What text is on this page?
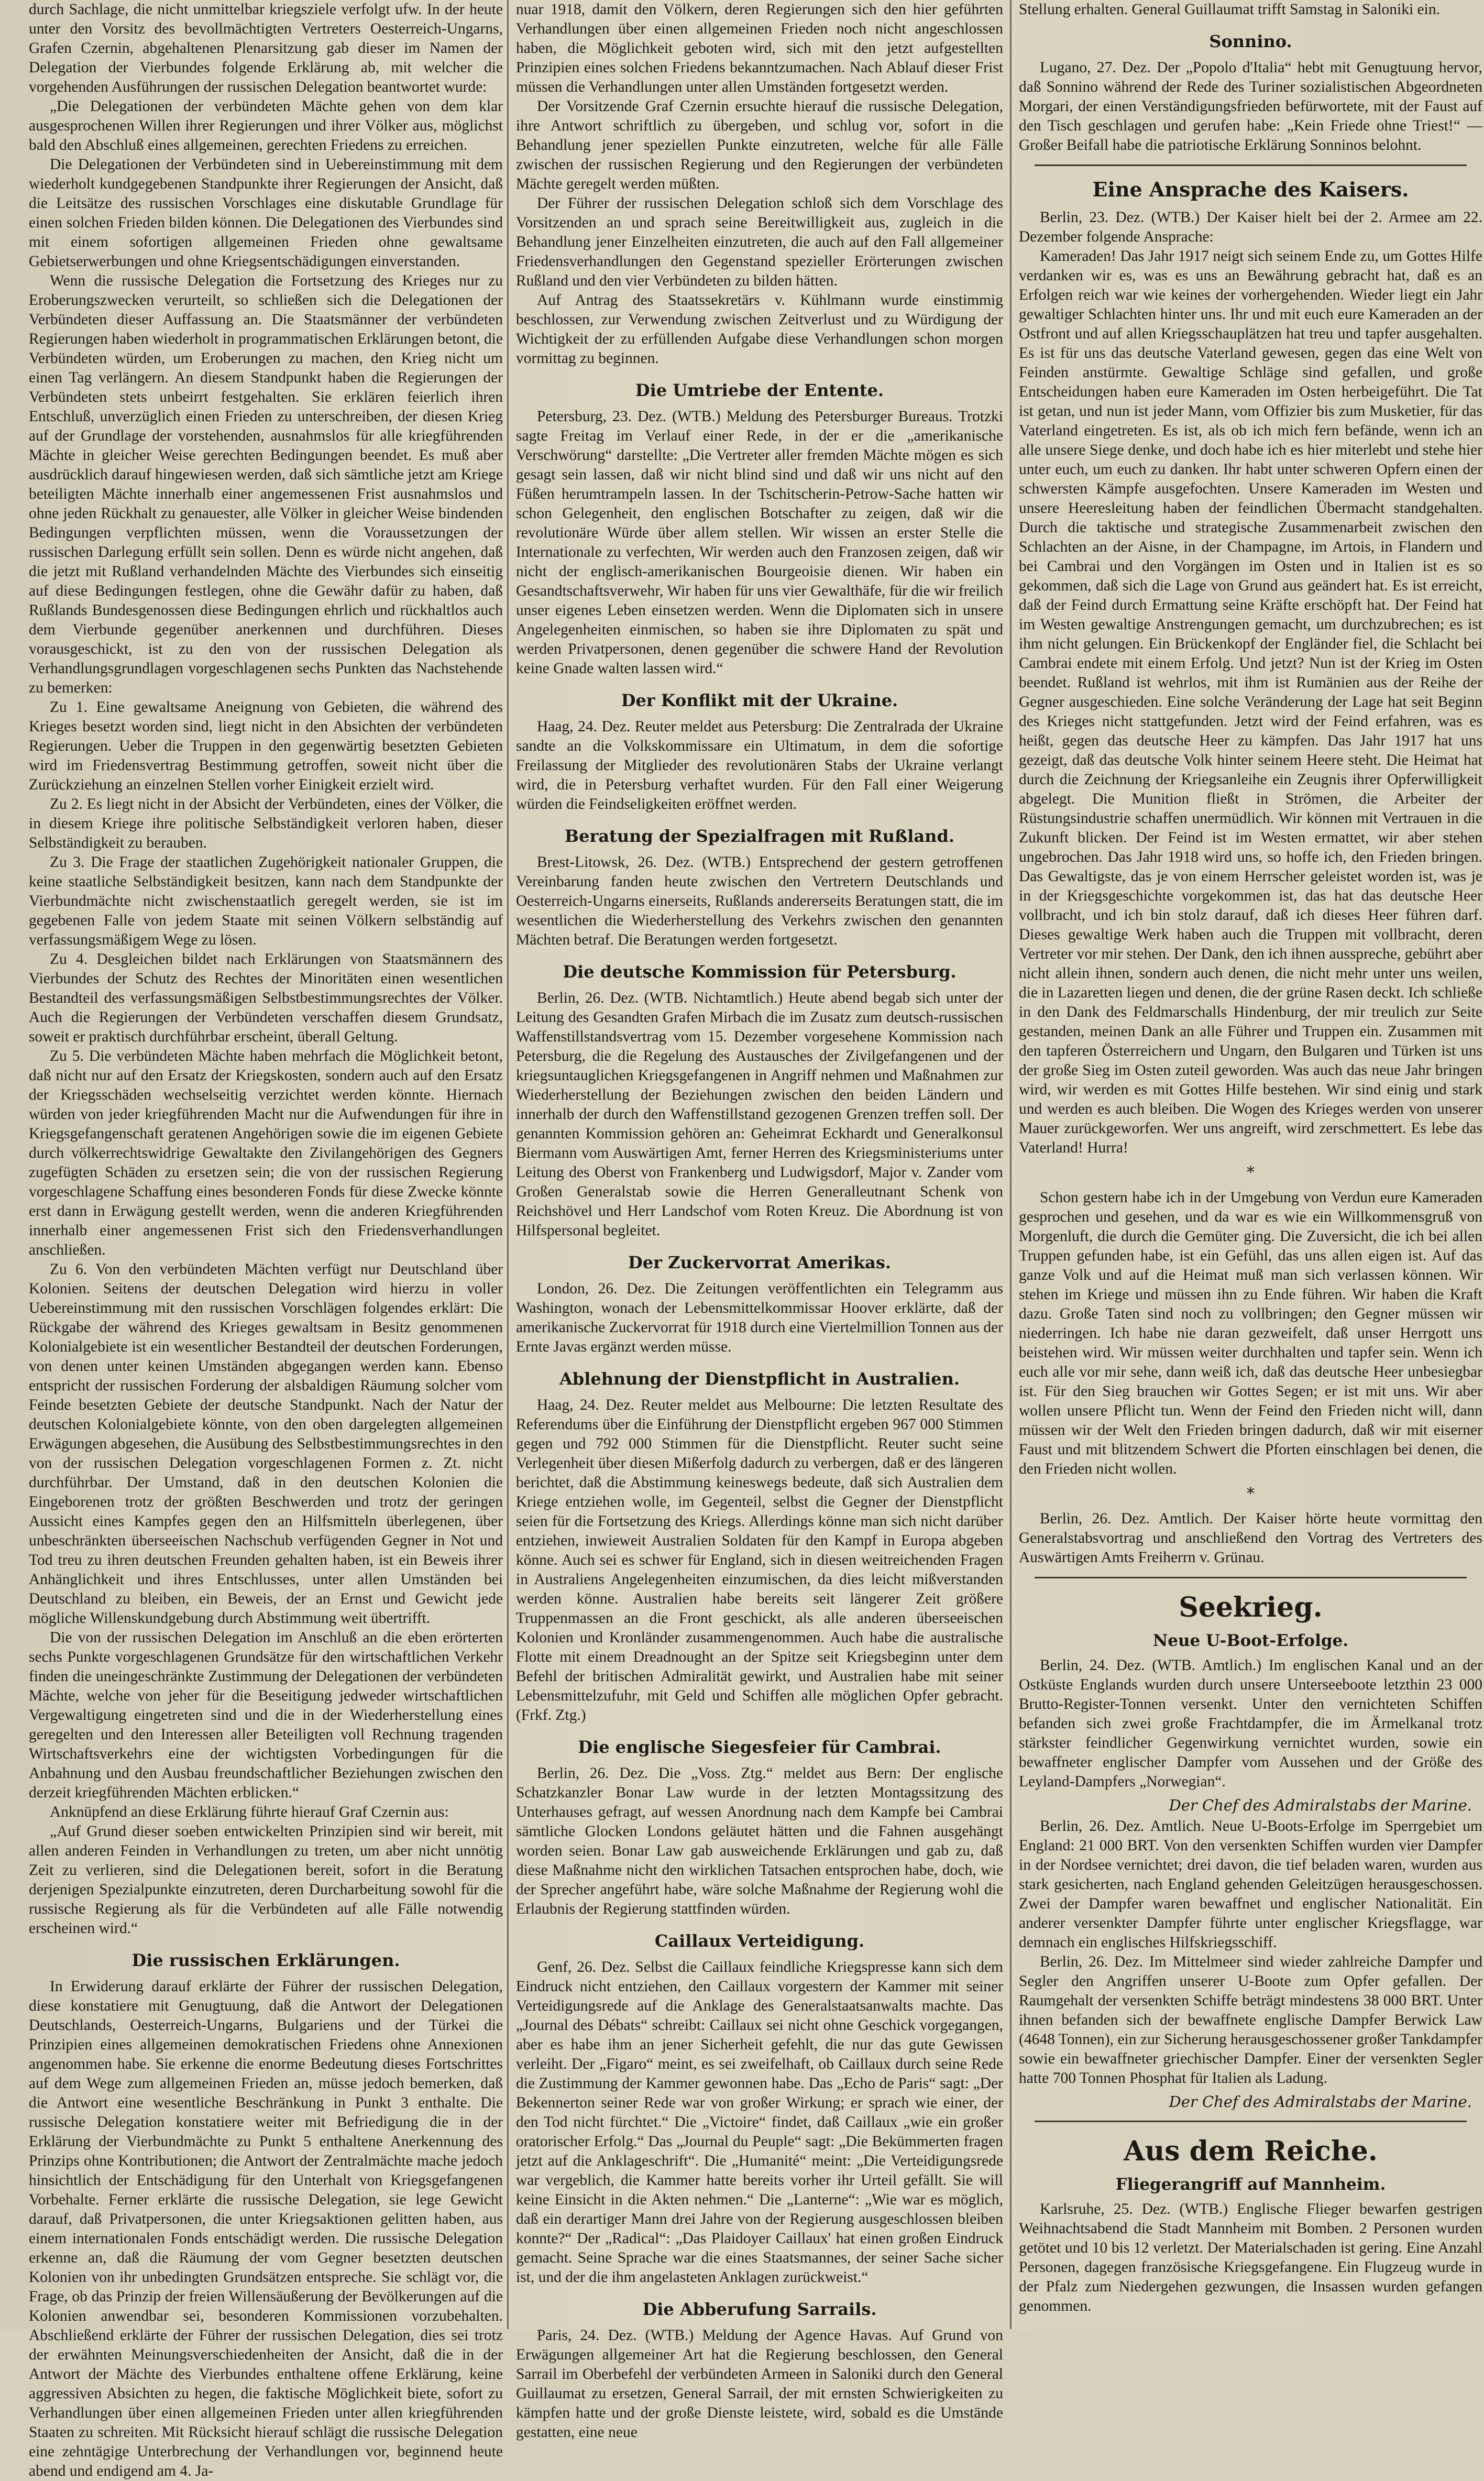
durch Sachlage, die nicht unmittelbar kriegsziele verfolgt ufw. In der heute unter den Vorsitz des bevollmächtigten Vertreters Oesterreich-Ungarns, Grafen Czernin, abgehaltenen Plenarsitzung gab dieser im Namen der Delegation der Vierbundes folgende Erklärung ab, mit welcher die vorgehenden Ausführungen der russischen Delegation beantwortet wurde:

„Die Delegationen der verbündeten Mächte gehen von dem klar ausgesprochenen Willen ihrer Regierungen und ihrer Völker aus, möglichst bald den Abschluß eines allgemeinen, gerechten Friedens zu erreichen.

Die Delegationen der Verbündeten sind in Uebereinstimmung mit dem wiederholt kundgegebenen Standpunkte ihrer Regierungen der Ansicht, daß die Leitsätze des russischen Vorschlages eine diskutable Grundlage für einen solchen Frieden bilden können. Die Delegationen des Vierbundes sind mit einem sofortigen allgemeinen Frieden ohne gewaltsame Gebietserwerbungen und ohne Kriegsentschädigungen einverstanden.

Wenn die russische Delegation die Fortsetzung des Krieges nur zu Eroberungszwecken verurteilt, so schließen sich die Delegationen der Verbündeten dieser Auffassung an. Die Staatsmänner der verbündeten Regierungen haben wiederholt in programmatischen Erklärungen betont, die Verbündeten würden, um Eroberungen zu machen, den Krieg nicht um einen Tag verlängern. An diesem Standpunkt haben die Regierungen der Verbündeten stets unbeirrt festgehalten. Sie erklären feierlich ihren Entschluß, unverzüglich einen Frieden zu unterschreiben, der diesen Krieg auf der Grundlage der vorstehenden, ausnahmslos für alle kriegführenden Mächte in gleicher Weise gerechten Bedingungen beendet. Es muß aber ausdrücklich darauf hingewiesen werden, daß sich sämtliche jetzt am Kriege beteiligten Mächte innerhalb einer angemessenen Frist ausnahmslos und ohne jeden Rückhalt zu genauester, alle Völker in gleicher Weise bindenden Bedingungen verpflichten müssen, wenn die Voraussetzungen der russischen Darlegung erfüllt sein sollen. Denn es würde nicht angehen, daß die jetzt mit Rußland verhandelnden Mächte des Vierbundes sich einseitig auf diese Bedingungen festlegen, ohne die Gewähr dafür zu haben, daß Rußlands Bundesgenossen diese Bedingungen ehrlich und rückhaltlos auch dem Vierbunde gegenüber anerkennen und durchführen. Dieses vorausgeschickt, ist zu den von der russischen Delegation als Verhandlungsgrundlagen vorgeschlagenen sechs Punkten das Nachstehende zu bemerken:

Zu 1. Eine gewaltsame Aneignung von Gebieten, die während des Krieges besetzt worden sind, liegt nicht in den Absichten der verbündeten Regierungen. Ueber die Truppen in den gegenwärtig besetzten Gebieten wird im Friedensvertrag Bestimmung getroffen, soweit nicht über die Zurückziehung an einzelnen Stellen vorher Einigkeit erzielt wird.

Zu 2. Es liegt nicht in der Absicht der Verbündeten, eines der Völker, die in diesem Kriege ihre politische Selbständigkeit verloren haben, dieser Selbständigkeit zu berauben.

Zu 3. Die Frage der staatlichen Zugehörigkeit nationaler Gruppen, die keine staatliche Selbständigkeit besitzen, kann nach dem Standpunkte der Vierbundmächte nicht zwischenstaatlich geregelt werden, sie ist im gegebenen Falle von jedem Staate mit seinen Völkern selbständig auf verfassungsmäßigem Wege zu lösen.

Zu 4. Desgleichen bildet nach Erklärungen von Staatsmännern des Vierbundes der Schutz des Rechtes der Minoritäten einen wesentlichen Bestandteil des verfassungsmäßigen Selbstbestimmungsrechtes der Völker. Auch die Regierungen der Verbündeten verschaffen diesem Grundsatz, soweit er praktisch durchführbar erscheint, überall Geltung.

Zu 5. Die verbündeten Mächte haben mehrfach die Möglichkeit betont, daß nicht nur auf den Ersatz der Kriegskosten, sondern auch auf den Ersatz der Kriegsschäden wechselseitig verzichtet werden könnte. Hiernach würden von jeder kriegführenden Macht nur die Aufwendungen für ihre in Kriegsgefangenschaft geratenen Angehörigen sowie die im eigenen Gebiete durch völkerrechtswidrige Gewaltakte den Zivilangehörigen des Gegners zugefügten Schäden zu ersetzen sein; die von der russischen Regierung vorgeschlagene Schaffung eines besonderen Fonds für diese Zwecke könnte erst dann in Erwägung gestellt werden, wenn die anderen Kriegführenden innerhalb einer angemessenen Frist sich den Friedensverhandlungen anschließen.

Zu 6. Von den verbündeten Mächten verfügt nur Deutschland über Kolonien. Seitens der deutschen Delegation wird hierzu in voller Uebereinstimmung mit den russischen Vorschlägen folgendes erklärt: Die Rückgabe der während des Krieges gewaltsam in Besitz genommenen Kolonialgebiete ist ein wesentlicher Bestandteil der deutschen Forderungen, von denen unter keinen Umständen abgegangen werden kann. Ebenso entspricht der russischen Forderung der alsbaldigen Räumung solcher vom Feinde besetzten Gebiete der deutsche Standpunkt. Nach der Natur der deutschen Kolonialgebiete könnte, von den oben dargelegten allgemeinen Erwägungen abgesehen, die Ausübung des Selbstbestimmungsrechtes in den von der russischen Delegation vorgeschlagenen Formen z. Zt. nicht durchführbar. Der Umstand, daß in den deutschen Kolonien die Eingeborenen trotz der größten Beschwerden und trotz der geringen Aussicht eines Kampfes gegen den an Hilfsmitteln überlegenen, über unbeschränkten überseeischen Nachschub verfügenden Gegner in Not und Tod treu zu ihren deutschen Freunden gehalten haben, ist ein Beweis ihrer Anhänglichkeit und ihres Entschlusses, unter allen Umständen bei Deutschland zu bleiben, ein Beweis, der an Ernst und Gewicht jede mögliche Willenskundgebung durch Abstimmung weit übertrifft.

Die von der russischen Delegation im Anschluß an die eben erörterten sechs Punkte vorgeschlagenen Grundsätze für den wirtschaftlichen Verkehr finden die uneingeschränkte Zustimmung der Delegationen der verbündeten Mächte, welche von jeher für die Beseitigung jedweder wirtschaftlichen Vergewaltigung eingetreten sind und die in der Wiederherstellung eines geregelten und den Interessen aller Beteiligten voll Rechnung tragenden Wirtschaftsverkehrs eine der wichtigsten Vorbedingungen für die Anbahnung und den Ausbau freundschaftlicher Beziehungen zwischen den derzeit kriegführenden Mächten erblicken.“

Anknüpfend an diese Erklärung führte hierauf Graf Czernin aus:

„Auf Grund dieser soeben entwickelten Prinzipien sind wir bereit, mit allen anderen Feinden in Verhandlungen zu treten, um aber nicht unnötig Zeit zu verlieren, sind die Delegationen bereit, sofort in die Beratung derjenigen Spezialpunkte einzutreten, deren Durcharbeitung sowohl für die russische Regierung als für die Verbündeten auf alle Fälle notwendig erscheinen wird.“

Die russischen Erklärungen.

In Erwiderung darauf erklärte der Führer der russischen Delegation, diese konstatiere mit Genugtuung, daß die Antwort der Delegationen Deutschlands, Oesterreich-Ungarns, Bulgariens und der Türkei die Prinzipien eines allgemeinen demokratischen Friedens ohne Annexionen angenommen habe. Sie erkenne die enorme Bedeutung dieses Fortschrittes auf dem Wege zum allgemeinen Frieden an, müsse jedoch bemerken, daß die Antwort eine wesentliche Beschränkung in Punkt 3 enthalte. Die russische Delegation konstatiere weiter mit Befriedigung die in der Erklärung der Vierbundmächte zu Punkt 5 enthaltene Anerkennung des Prinzips ohne Kontributionen; die Antwort der Zentralmächte mache jedoch hinsichtlich der Entschädigung für den Unterhalt von Kriegsgefangenen Vorbehalte. Ferner erklärte die russische Delegation, sie lege Gewicht darauf, daß Privatpersonen, die unter Kriegsaktionen gelitten haben, aus einem internationalen Fonds entschädigt werden. Die russische Delegation erkenne an, daß die Räumung der vom Gegner besetzten deutschen Kolonien von ihr unbedingten Grundsätzen entspreche. Sie schlägt vor, die Frage, ob das Prinzip der freien Willensäußerung der Bevölkerungen auf die Kolonien anwendbar sei, besonderen Kommissionen vorzubehalten. Abschließend erklärte der Führer der russischen Delegation, dies sei trotz der erwähnten Meinungsverschiedenheiten der Ansicht, daß die in der Antwort der Mächte des Vierbundes enthaltene offene Erklärung, keine aggressiven Absichten zu hegen, die faktische Möglichkeit biete, sofort zu Verhandlungen über einen allgemeinen Frieden unter allen kriegführenden Staaten zu schreiten. Mit Rücksicht hierauf schlägt die russische Delegation eine zehntägige Unterbrechung der Verhandlungen vor, beginnend heute abend und endigend am 4. Ja-

nuar 1918, damit den Völkern, deren Regierungen sich den hier geführten Verhandlungen über einen allgemeinen Frieden noch nicht angeschlossen haben, die Möglichkeit geboten wird, sich mit den jetzt aufgestellten Prinzipien eines solchen Friedens bekanntzumachen. Nach Ablauf dieser Frist müssen die Verhandlungen unter allen Umständen fortgesetzt werden.

Der Vorsitzende Graf Czernin ersuchte hierauf die russische Delegation, ihre Antwort schriftlich zu übergeben, und schlug vor, sofort in die Behandlung jener speziellen Punkte einzutreten, welche für alle Fälle zwischen der russischen Regierung und den Regierungen der verbündeten Mächte geregelt werden müßten.

Der Führer der russischen Delegation schloß sich dem Vorschlage des Vorsitzenden an und sprach seine Bereitwilligkeit aus, zugleich in die Behandlung jener Einzelheiten einzutreten, die auch auf den Fall allgemeiner Friedensverhandlungen den Gegenstand spezieller Erörterungen zwischen Rußland und den vier Verbündeten zu bilden hätten.

Auf Antrag des Staatssekretärs v. Kühlmann wurde einstimmig beschlossen, zur Verwendung zwischen Zeitverlust und zu Würdigung der Wichtigkeit der zu erfüllenden Aufgabe diese Verhandlungen schon morgen vormittag zu beginnen.

Die Umtriebe der Entente.

Petersburg, 23. Dez. (WTB.) Meldung des Petersburger Bureaus. Trotzki sagte Freitag im Verlauf einer Rede, in der er die „amerikanische Verschwörung“ darstellte: „Die Vertreter aller fremden Mächte mögen es sich gesagt sein lassen, daß wir nicht blind sind und daß wir uns nicht auf den Füßen herumtrampeln lassen. In der Tschitscherin-Petrow-Sache hatten wir schon Gelegenheit, den englischen Botschafter zu zeigen, daß wir die revolutionäre Würde über allem stellen. Wir wissen an erster Stelle die Internationale zu verfechten, Wir werden auch den Franzosen zeigen, daß wir nicht der englisch-amerikanischen Bourgeoisie dienen. Wir haben ein Gesandtschaftsverwehr, Wir haben für uns vier Gewalthäfe, für die wir freilich unser eigenes Leben einsetzen werden. Wenn die Diplomaten sich in unsere Angelegenheiten einmischen, so haben sie ihre Diplomaten zu spät und werden Privatpersonen, denen gegenüber die schwere Hand der Revolution keine Gnade walten lassen wird.“

Der Konflikt mit der Ukraine.

Haag, 24. Dez. Reuter meldet aus Petersburg: Die Zentralrada der Ukraine sandte an die Volkskommissare ein Ultimatum, in dem die sofortige Freilassung der Mitglieder des revolutionären Stabs der Ukraine verlangt wird, die in Petersburg verhaftet wurden. Für den Fall einer Weigerung würden die Feindseligkeiten eröffnet werden.

Beratung der Spezialfragen mit Rußland.

Brest-Litowsk, 26. Dez. (WTB.) Entsprechend der gestern getroffenen Vereinbarung fanden heute zwischen den Vertretern Deutschlands und Oesterreich-Ungarns einerseits, Rußlands andererseits Beratungen statt, die im wesentlichen die Wiederherstellung des Verkehrs zwischen den genannten Mächten betraf. Die Beratungen werden fortgesetzt.

Die deutsche Kommission für Petersburg.

Berlin, 26. Dez. (WTB. Nichtamtlich.) Heute abend begab sich unter der Leitung des Gesandten Grafen Mirbach die im Zusatz zum deutsch-russischen Waffenstillstandsvertrag vom 15. Dezember vorgesehene Kommission nach Petersburg, die die Regelung des Austausches der Zivilgefangenen und der kriegsuntauglichen Kriegsgefangenen in Angriff nehmen und Maßnahmen zur Wiederherstellung der Beziehungen zwischen den beiden Ländern und innerhalb der durch den Waffenstillstand gezogenen Grenzen treffen soll. Der genannten Kommission gehören an: Geheimrat Eckhardt und Generalkonsul Biermann vom Auswärtigen Amt, ferner Herren des Kriegsministeriums unter Leitung des Oberst von Frankenberg und Ludwigsdorf, Major v. Zander vom Großen Generalstab sowie die Herren Generalleutnant Schenk von Reichshövel und Herr Landschof vom Roten Kreuz. Die Abordnung ist von Hilfspersonal begleitet.

Der Zuckervorrat Amerikas.

London, 26. Dez. Die Zeitungen veröffentlichten ein Telegramm aus Washington, wonach der Lebensmittelkommissar Hoover erklärte, daß der amerikanische Zuckervorrat für 1918 durch eine Viertelmillion Tonnen aus der Ernte Javas ergänzt werden müsse.

Ablehnung der Dienstpflicht in Australien.

Haag, 24. Dez. Reuter meldet aus Melbourne: Die letzten Resultate des Referendums über die Einführung der Dienstpflicht ergeben 967 000 Stimmen gegen und 792 000 Stimmen für die Dienstpflicht. Reuter sucht seine Verlegenheit über diesen Mißerfolg dadurch zu verbergen, daß er des längeren berichtet, daß die Abstimmung keineswegs bedeute, daß sich Australien dem Kriege entziehen wolle, im Gegenteil, selbst die Gegner der Dienstpflicht seien für die Fortsetzung des Kriegs. Allerdings könne man sich nicht darüber entziehen, inwieweit Australien Soldaten für den Kampf in Europa abgeben könne. Auch sei es schwer für England, sich in diesen weitreichenden Fragen in Australiens Angelegenheiten einzumischen, da dies leicht mißverstanden werden könne. Australien habe bereits seit längerer Zeit größere Truppenmassen an die Front geschickt, als alle anderen überseeischen Kolonien und Kronländer zusammengenommen. Auch habe die australische Flotte mit einem Dreadnought an der Spitze seit Kriegsbeginn unter dem Befehl der britischen Admiralität gewirkt, und Australien habe mit seiner Lebensmittelzufuhr, mit Geld und Schiffen alle möglichen Opfer gebracht. (Frkf. Ztg.)

Die englische Siegesfeier für Cambrai.

Berlin, 26. Dez. Die „Voss. Ztg.“ meldet aus Bern: Der englische Schatzkanzler Bonar Law wurde in der letzten Montagssitzung des Unterhauses gefragt, auf wessen Anordnung nach dem Kampfe bei Cambrai sämtliche Glocken Londons geläutet hätten und die Fahnen ausgehängt worden seien. Bonar Law gab ausweichende Erklärungen und gab zu, daß diese Maßnahme nicht den wirklichen Tatsachen entsprochen habe, doch, wie der Sprecher angeführt habe, wäre solche Maßnahme der Regierung wohl die Erlaubnis der Regierung stattfinden würden.

Caillaux Verteidigung.

Genf, 26. Dez. Selbst die Caillaux feindliche Kriegspresse kann sich dem Eindruck nicht entziehen, den Caillaux vorgestern der Kammer mit seiner Verteidigungsrede auf die Anklage des Generalstaatsanwalts machte. Das „Journal des Débats“ schreibt: Caillaux sei nicht ohne Geschick vorgegangen, aber es habe ihm an jener Sicherheit gefehlt, die nur das gute Gewissen verleiht. Der „Figaro“ meint, es sei zweifelhaft, ob Caillaux durch seine Rede die Zustimmung der Kammer gewonnen habe. Das „Echo de Paris“ sagt: „Der Bekennerton seiner Rede war von großer Wirkung; er sprach wie einer, der den Tod nicht fürchtet.“ Die „Victoire“ findet, daß Caillaux „wie ein großer oratorischer Erfolg.“ Das „Journal du Peuple“ sagt: „Die Bekümmerten fragen jetzt auf die Anklageschrift“. Die „Humanité“ meint: „Die Verteidigungsrede war vergeblich, die Kammer hatte bereits vorher ihr Urteil gefällt. Sie will keine Einsicht in die Akten nehmen.“ Die „Lanterne“: „Wie war es möglich, daß ein derartiger Mann drei Jahre von der Regierung ausgeschlossen bleiben konnte?“ Der „Radical“: „Das Plaidoyer Caillaux' hat einen großen Eindruck gemacht. Seine Sprache war die eines Staatsmannes, der seiner Sache sicher ist, und der die ihm angelasteten Anklagen zurückweist.“

Die Abberufung Sarrails.

Paris, 24. Dez. (WTB.) Meldung der Agence Havas. Auf Grund von Erwägungen allgemeiner Art hat die Regierung beschlossen, den General Sarrail im Oberbefehl der verbündeten Armeen in Saloniki durch den General Guillaumat zu ersetzen, General Sarrail, der mit ernsten Schwierigkeiten zu kämpfen hatte und der große Dienste leistete, wird, sobald es die Umstände gestatten, eine neue

Stellung erhalten. General Guillaumat trifft Samstag in Saloniki ein.

Sonnino.

Lugano, 27. Dez. Der „Popolo d'Italia“ hebt mit Genugtuung hervor, daß Sonnino während der Rede des Turiner sozialistischen Abgeordneten Morgari, der einen Verständigungsfrieden befürwortete, mit der Faust auf den Tisch geschlagen und gerufen habe: „Kein Friede ohne Triest!“ — Großer Beifall habe die patriotische Erklärung Sonninos belohnt.

Eine Ansprache des Kaisers.

Berlin, 23. Dez. (WTB.) Der Kaiser hielt bei der 2. Armee am 22. Dezember folgende Ansprache:

Kameraden! Das Jahr 1917 neigt sich seinem Ende zu, um Gottes Hilfe verdanken wir es, was es uns an Bewährung gebracht hat, daß es an Erfolgen reich war wie keines der vorhergehenden. Wieder liegt ein Jahr gewaltiger Schlachten hinter uns. Ihr und mit euch eure Kameraden an der Ostfront und auf allen Kriegsschauplätzen hat treu und tapfer ausgehalten. Es ist für uns das deutsche Vaterland gewesen, gegen das eine Welt von Feinden anstürmte. Gewaltige Schläge sind gefallen, und große Entscheidungen haben eure Kameraden im Osten herbeigeführt. Die Tat ist getan, und nun ist jeder Mann, vom Offizier bis zum Musketier, für das Vaterland eingetreten. Es ist, als ob ich mich fern befände, wenn ich an alle unsere Siege denke, und doch habe ich es hier miterlebt und stehe hier unter euch, um euch zu danken. Ihr habt unter schweren Opfern einen der schwersten Kämpfe ausgefochten. Unsere Kameraden im Westen und unsere Heeresleitung haben der feindlichen Übermacht standgehalten. Durch die taktische und strategische Zusammenarbeit zwischen den Schlachten an der Aisne, in der Champagne, im Artois, in Flandern und bei Cambrai und den Vorgängen im Osten und in Italien ist es so gekommen, daß sich die Lage von Grund aus geändert hat. Es ist erreicht, daß der Feind durch Ermattung seine Kräfte erschöpft hat. Der Feind hat im Westen gewaltige Anstrengungen gemacht, um durchzubrechen; es ist ihm nicht gelungen. Ein Brückenkopf der Engländer fiel, die Schlacht bei Cambrai endete mit einem Erfolg. Und jetzt? Nun ist der Krieg im Osten beendet. Rußland ist wehrlos, mit ihm ist Rumänien aus der Reihe der Gegner ausgeschieden. Eine solche Veränderung der Lage hat seit Beginn des Krieges nicht stattgefunden. Jetzt wird der Feind erfahren, was es heißt, gegen das deutsche Heer zu kämpfen. Das Jahr 1917 hat uns gezeigt, daß das deutsche Volk hinter seinem Heere steht. Die Heimat hat durch die Zeichnung der Kriegsanleihe ein Zeugnis ihrer Opferwilligkeit abgelegt. Die Munition fließt in Strömen, die Arbeiter der Rüstungsindustrie schaffen unermüdlich. Wir können mit Vertrauen in die Zukunft blicken. Der Feind ist im Westen ermattet, wir aber stehen ungebrochen. Das Jahr 1918 wird uns, so hoffe ich, den Frieden bringen. Das Gewaltigste, das je von einem Herrscher geleistet worden ist, was je in der Kriegsgeschichte vorgekommen ist, das hat das deutsche Heer vollbracht, und ich bin stolz darauf, daß ich dieses Heer führen darf. Dieses gewaltige Werk haben auch die Truppen mit vollbracht, deren Vertreter vor mir stehen. Der Dank, den ich ihnen ausspreche, gebührt aber nicht allein ihnen, sondern auch denen, die nicht mehr unter uns weilen, die in Lazaretten liegen und denen, die der grüne Rasen deckt. Ich schließe in den Dank des Feldmarschalls Hindenburg, der mir treulich zur Seite gestanden, meinen Dank an alle Führer und Truppen ein. Zusammen mit den tapferen Österreichern und Ungarn, den Bulgaren und Türken ist uns der große Sieg im Osten zuteil geworden. Was auch das neue Jahr bringen wird, wir werden es mit Gottes Hilfe bestehen. Wir sind einig und stark und werden es auch bleiben. Die Wogen des Krieges werden von unserer Mauer zurückgeworfen. Wer uns angreift, wird zerschmettert. Es lebe das Vaterland! Hurra!

*

Schon gestern habe ich in der Umgebung von Verdun eure Kameraden gesprochen und gesehen, und da war es wie ein Willkommensgruß von Morgenluft, die durch die Gemüter ging. Die Zuversicht, die ich bei allen Truppen gefunden habe, ist ein Gefühl, das uns allen eigen ist. Auf das ganze Volk und auf die Heimat muß man sich verlassen können. Wir stehen im Kriege und müssen ihn zu Ende führen. Wir haben die Kraft dazu. Große Taten sind noch zu vollbringen; den Gegner müssen wir niederringen. Ich habe nie daran gezweifelt, daß unser Herrgott uns beistehen wird. Wir müssen weiter durchhalten und tapfer sein. Wenn ich euch alle vor mir sehe, dann weiß ich, daß das deutsche Heer unbesiegbar ist. Für den Sieg brauchen wir Gottes Segen; er ist mit uns. Wir aber wollen unsere Pflicht tun. Wenn der Feind den Frieden nicht will, dann müssen wir der Welt den Frieden bringen dadurch, daß wir mit eiserner Faust und mit blitzendem Schwert die Pforten einschlagen bei denen, die den Frieden nicht wollen.

*

Berlin, 26. Dez. Amtlich. Der Kaiser hörte heute vormittag den Generalstabsvortrag und anschließend den Vortrag des Vertreters des Auswärtigen Amts Freiherrn v. Grünau.

Seekrieg.
Neue U-Boot-Erfolge.

Berlin, 24. Dez. (WTB. Amtlich.) Im englischen Kanal und an der Ostküste Englands wurden durch unsere Unterseeboote letzthin 23 000 Brutto-Register-Tonnen versenkt. Unter den vernichteten Schiffen befanden sich zwei große Frachtdampfer, die im Ärmelkanal trotz stärkster feindlicher Gegenwirkung vernichtet wurden, sowie ein bewaffneter englischer Dampfer vom Aussehen und der Größe des Leyland-Dampfers „Norwegian“.

Der Chef des Admiralstabs der Marine.

Berlin, 26. Dez. Amtlich. Neue U-Boots-Erfolge im Sperrgebiet um England: 21 000 BRT. Von den versenkten Schiffen wurden vier Dampfer in der Nordsee vernichtet; drei davon, die tief beladen waren, wurden aus stark gesicherten, nach England gehenden Geleitzügen herausgeschossen. Zwei der Dampfer waren bewaffnet und englischer Nationalität. Ein anderer versenkter Dampfer führte unter englischer Kriegsflagge, war demnach ein englisches Hilfskriegsschiff.

Berlin, 26. Dez. Im Mittelmeer sind wieder zahlreiche Dampfer und Segler den Angriffen unserer U-Boote zum Opfer gefallen. Der Raumgehalt der versenkten Schiffe beträgt mindestens 38 000 BRT. Unter ihnen befanden sich der bewaffnete englische Dampfer Berwick Law (4648 Tonnen), ein zur Sicherung herausgeschossener großer Tankdampfer sowie ein bewaffneter griechischer Dampfer. Einer der versenkten Segler hatte 700 Tonnen Phosphat für Italien als Ladung.

Der Chef des Admiralstabs der Marine.
Aus dem Reiche.
Fliegerangriff auf Mannheim.

Karlsruhe, 25. Dez. (WTB.) Englische Flieger bewarfen gestrigen Weihnachtsabend die Stadt Mannheim mit Bomben. 2 Personen wurden getötet und 10 bis 12 verletzt. Der Materialschaden ist gering. Eine Anzahl Personen, dagegen französische Kriegsgefangene. Ein Flugzeug wurde in der Pfalz zum Niedergehen gezwungen, die Insassen wurden gefangen genommen.
